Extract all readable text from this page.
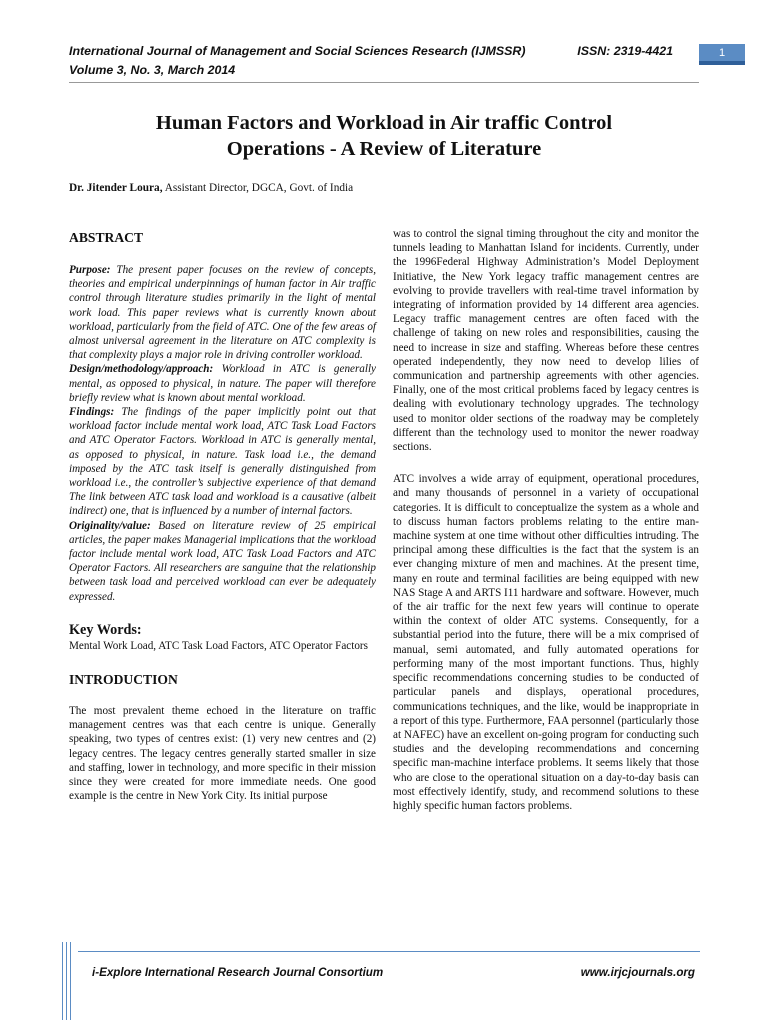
International Journal of Management and Social Sciences Research (IJMSSR)
Volume 3, No. 3, March 2014
ISSN: 2319-4421	1
Human Factors and Workload in Air traffic Control
Operations - A Review of Literature
Dr. Jitender Loura, Assistant Director, DGCA, Govt. of India
ABSTRACT

Purpose: The present paper focuses on the review of concepts, theories and empirical underpinnings of human factor in Air traffic control through literature studies primarily in the light of mental work load. This paper reviews what is currently known about workload, particularly from the field of ATC. One of the few areas of almost universal agreement in the literature on ATC complexity is that complexity plays a major role in driving controller workload.

Design/methodology/approach: Workload in ATC is generally mental, as opposed to physical, in nature. The paper will therefore briefly review what is known about mental workload.

Findings: The findings of the paper implicitly point out that workload factor include mental work load, ATC Task Load Factors and ATC Operator Factors. Workload in ATC is generally mental, as opposed to physical, in nature. Task load i.e., the demand imposed by the ATC task itself is generally distinguished from workload i.e., the controller’s subjective experience of that demand The link between ATC task load and workload is a causative (albeit indirect) one, that is influenced by a number of internal factors.

Originality/value: Based on literature review of 25 empirical articles, the paper makes Managerial implications that the workload factor include mental work load, ATC Task Load Factors and ATC Operator Factors. All researchers are sanguine that the relationship between task load and perceived workload can ever be adequately expressed.

Key Words:

Mental Work Load, ATC Task Load Factors, ATC Operator Factors

INTRODUCTION

The most prevalent theme echoed in the literature on traffic management centres was that each centre is unique. Generally speaking, two types of centres exist: (1) very new centres and (2) legacy centres. The legacy centres generally started smaller in size and staffing, lower in technology, and more specific in their mission since they were created for more immediate needs. One good example is the centre in New York City. Its initial purpose

was to control the signal timing throughout the city and monitor the tunnels leading to Manhattan Island for incidents. Currently, under the 1996Federal Highway Administration’s Model Deployment Initiative, the New York legacy traffic management centres are evolving to provide travellers with real-time travel information by integrating of information provided by 14 different area agencies. Legacy traffic management centres are often faced with the challenge of taking on new roles and responsibilities, causing the need to increase in size and staffing. Whereas before these centres operated independently, they now need to develop lilies of communication and partnership agreements with other agencies. Finally, one of the most critical problems faced by legacy centres is dealing with evolutionary technology upgrades. The technology used to monitor older sections of the roadway may be completely different than the technology used to monitor the newer roadway sections.

ATC involves a wide array of equipment, operational procedures, and many thousands of personnel in a variety of occupational categories. It is difficult to conceptualize the system as a whole and to discuss human factors problems relating to the entire man-machine system at one time without other difficulties intruding. The principal among these difficulties is the fact that the system is an ever changing mixture of men and machines. At the present time, many en route and terminal facilities are being equipped with new NAS Stage A and ARTS I11 hardware and software. However, much of the air traffic for the next few years will continue to operate within the context of older ATC systems. Consequently, for a substantial period into the future, there will be a mix comprised of manual, semi automated, and fully automated operations for performing many of the most important functions. Thus, highly specific recommendations concerning studies to be conducted of particular panels and displays, operational procedures, communications techniques, and the like, would be inappropriate in a report of this type. Furthermore, FAA personnel (particularly those at NAFEC) have an excellent on-going program for conducting such studies and the developing recommendations and concerning specific man-machine interface problems. It seems likely that those who are close to the operational situation on a day-to-day basis can most effectively identify, study, and recommend solutions to these highly specific human factors problems.

i-Explore International Research Journal Consortium	www.irjcjournals.org
